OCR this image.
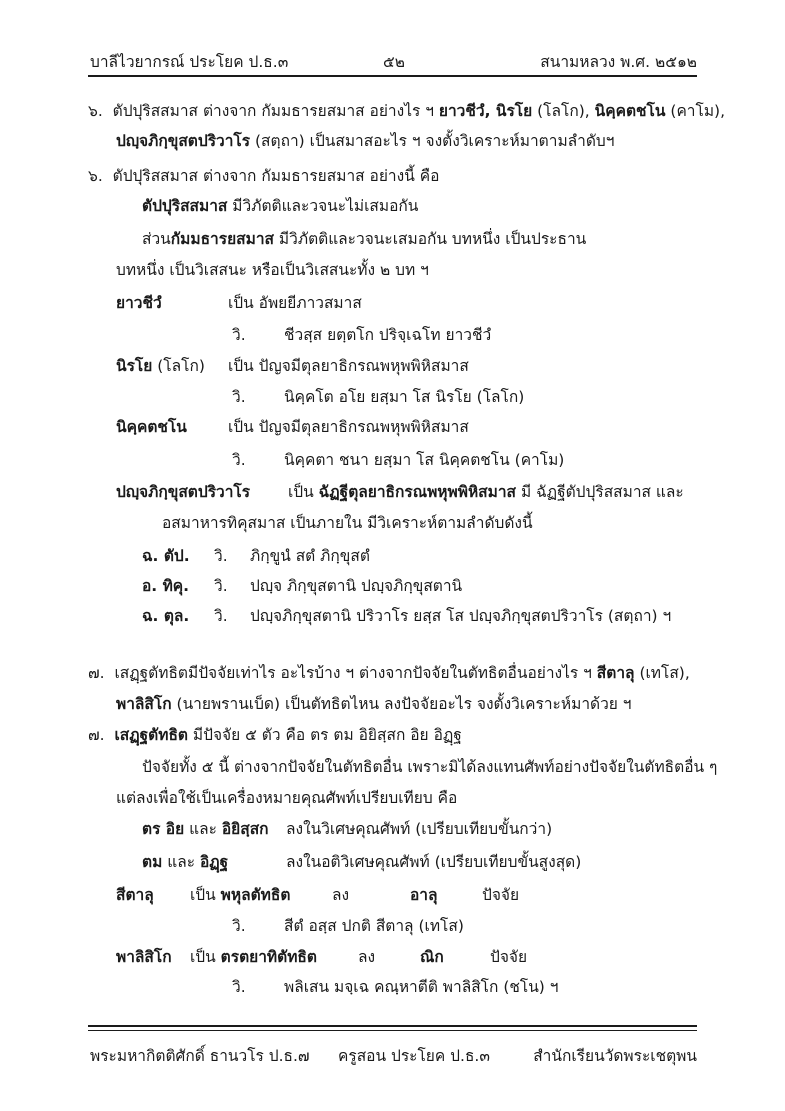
บาลีไวยากรณ์ ประโยค ป.ธ.๓	๕๒	สนามหลวง พ.ศ. ๒๕๑๒
๖. ตัปปุริสสมาส ต่างจาก กัมมธารยสมาส อย่างไร ฯ ยาวชีวํ, นิรโย (โลโก), นิคฺคตชโน (คาโม),
ปญฺจภิกฺขุสตปริวาโร (สตฺถา) เป็นสมาสอะไร ฯ จงตั้งวิเคราะห์มาตามลำดับฯ
๖. ตัปปุริสสมาส ต่างจาก กัมมธารยสมาส อย่างนี้ คือ
ตัปปุริสสมาส มีวิภัตติและวจนะไม่เสมอกัน
ส่วนกัมมธารยสมาส มีวิภัตติและวจนะเสมอกัน บทหนึ่ง เป็นประธาน
บทหนึ่ง เป็นวิเสสนะ หรือเป็นวิเสสนะทั้ง ๒ บท ฯ
ยาวชีวํ	เป็น อัพยยีภาวสมาส
วิ. ชีวสฺส ยตฺตโก ปริจฺเฉโท ยาวชีวํ
นิรโย (โลโก) เป็น ปัญจมีตุลยาธิกรณพหุพพิหิสมาส
วิ. นิคฺคโต อโย ยสฺมา โส นิรโย (โลโก)
นิคฺคตชโน	เป็น ปัญจมีตุลยาธิกรณพหุพพิหิสมาส
วิ. นิคฺคตา ชนา ยสฺมา โส นิคฺคตชโน (คาโม)
ปญฺจภิกฺขุสตปริวาโร เป็น ฉัฏฐีตุลยาธิกรณพหุพพิหิสมาส มี ฉัฏฐีตัปปุริสสมาส และ
อสมาหารทิคุสมาส เป็นภายใน มีวิเคราะห์ตามลำดับดังนี้
ฉ. ตัป. วิ. ภิกฺขูนํ สตํ ภิกฺขุสตํ
อ. ทิคุ. วิ. ปญฺจ ภิกฺขุสตานิ ปญฺจภิกฺขุสตานิ
ฉ. ตุล. วิ. ปญฺจภิกฺขุสตานิ ปริวาโร ยสฺส โส ปญฺจภิกฺขุสตปริวาโร (สตฺถา) ฯ
๗. เสฏฺฐตัทธิตมีปัจจัยเท่าไร อะไรบ้าง ฯ ต่างจากปัจจัยในตัทธิตอื่นอย่างไร ฯ สีตาลุ (เทโส),
พาลิสิโก (นายพรานเบ็ด) เป็นตัทธิตไหน ลงปัจจัยอะไร จงตั้งวิเคราะห์มาด้วย ฯ
๗. เสฏฺฐตัทธิต มีปัจจัย ๕ ตัว คือ ตร ตม อิยิสฺสก อิย อิฏฺฐ
ปัจจัยทั้ง ๕ นี้ ต่างจากปัจจัยในตัทธิตอื่น เพราะมิได้ลงแทนศัพท์อย่างปัจจัยในตัทธิตอื่น ๆ
แต่ลงเพื่อใช้เป็นเครื่องหมายคุณศัพท์เปรียบเทียบ คือ
ตร อิย และ อิยิสฺสก ลงในวิเศษคุณศัพท์ (เปรียบเทียบขั้นกว่า)
ตม และ อิฏฺฐ	ลงในอติวิเศษคุณศัพท์ (เปรียบเทียบขั้นสูงสุด)
สีตาลุ เป็น พหุลตัทธิต	ลง	อาลุ	ปัจจัย
วิ. สีตํ อสฺส ปกติ สีตาลุ (เทโส)
พาลิสิโก เป็น ตรตยาทิตัทธิต	ลง	ณิก	ปัจจัย
วิ. พลิเสน มจฺเฉ คณฺหาตีติ พาลิสิโก (ชโน) ฯ
พระมหากิตติศักดิ์ ธานวโร ป.ธ.๗ ครูสอน ประโยค ป.ธ.๓	สำนักเรียนวัดพระเชตุพน
